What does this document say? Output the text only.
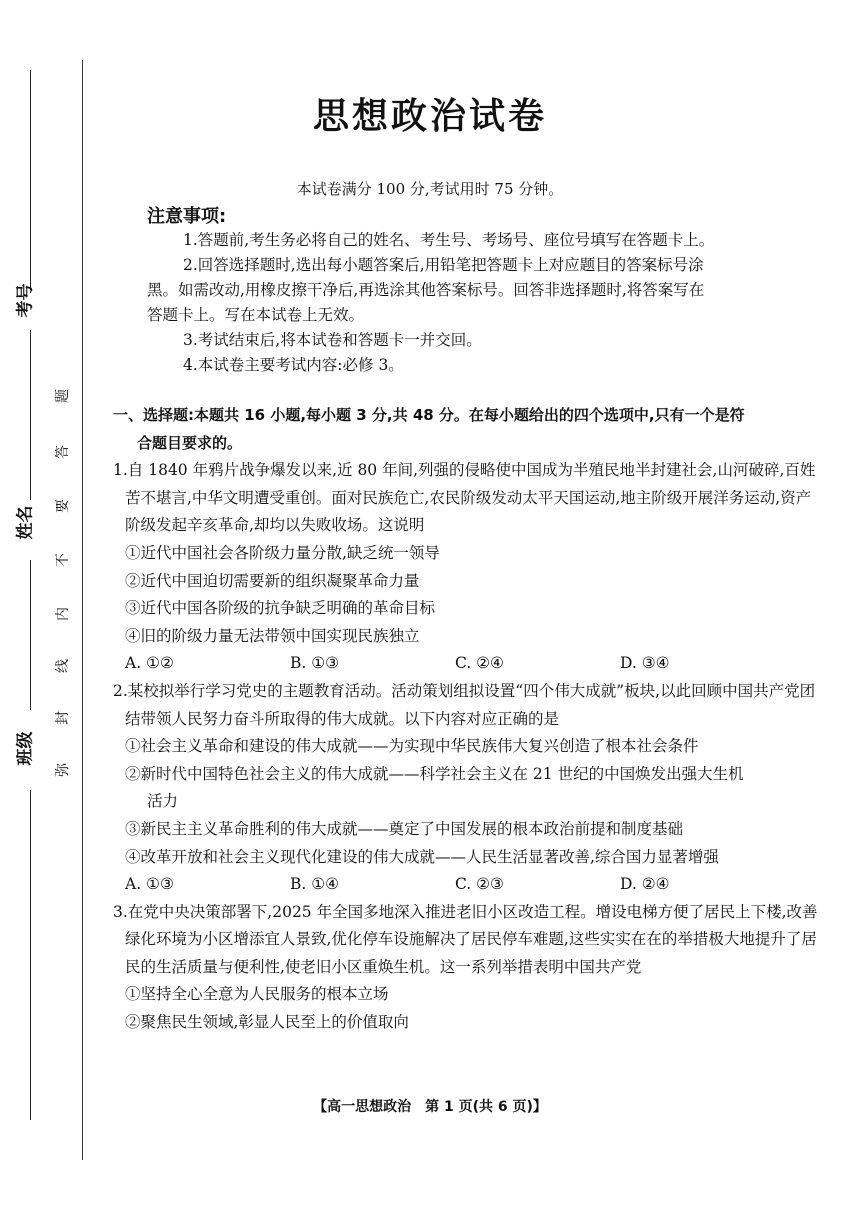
考号
姓名
班级
题
答
要
不
内
线
封
弥
思想政治试卷
本试卷满分 100 分,考试用时 75 分钟。
注意事项:

1.答题前,考生务必将自己的姓名、考生号、考场号、座位号填写在答题卡上。

2.回答选择题时,选出每小题答案后,用铅笔把答题卡上对应题目的答案标号涂

黑。如需改动,用橡皮擦干净后,再选涂其他答案标号。回答非选择题时,将答案写在

答题卡上。写在本试卷上无效。

3.考试结束后,将本试卷和答题卡一并交回。

4.本试卷主要考试内容:必修 3。

一、选择题:本题共 16 小题,每小题 3 分,共 48 分。在每小题给出的四个选项中,只有一个是符

合题目要求的。

1.自 1840 年鸦片战争爆发以来,近 80 年间,列强的侵略使中国成为半殖民地半封建社会,山河破碎,百姓苦不堪言,中华文明遭受重创。面对民族危亡,农民阶级发动太平天国运动,地主阶级开展洋务运动,资产阶级发起辛亥革命,却均以失败收场。这说明

①近代中国社会各阶级力量分散,缺乏统一领导

②近代中国迫切需要新的组织凝聚革命力量

③近代中国各阶级的抗争缺乏明确的革命目标

④旧的阶级力量无法带领中国实现民族独立

A. ①②	B. ①③	C. ②④	D. ③④

2.某校拟举行学习党史的主题教育活动。活动策划组拟设置“四个伟大成就”板块,以此回顾中国共产党团结带领人民努力奋斗所取得的伟大成就。以下内容对应正确的是

①社会主义革命和建设的伟大成就——为实现中华民族伟大复兴创造了根本社会条件

②新时代中国特色社会主义的伟大成就——科学社会主义在 21 世纪的中国焕发出强大生机

活力

③新民主主义革命胜利的伟大成就——奠定了中国发展的根本政治前提和制度基础

④改革开放和社会主义现代化建设的伟大成就——人民生活显著改善,综合国力显著增强

A. ①③	B. ①④	C. ②③	D. ②④

3.在党中央决策部署下,2025 年全国多地深入推进老旧小区改造工程。增设电梯方便了居民上下楼,改善绿化环境为小区增添宜人景致,优化停车设施解决了居民停车难题,这些实实在在的举措极大地提升了居民的生活质量与便利性,使老旧小区重焕生机。这一系列举措表明中国共产党

①坚持全心全意为人民服务的根本立场

②聚焦民生领域,彰显人民至上的价值取向

【高一思想政治　第 1 页(共 6 页)】
